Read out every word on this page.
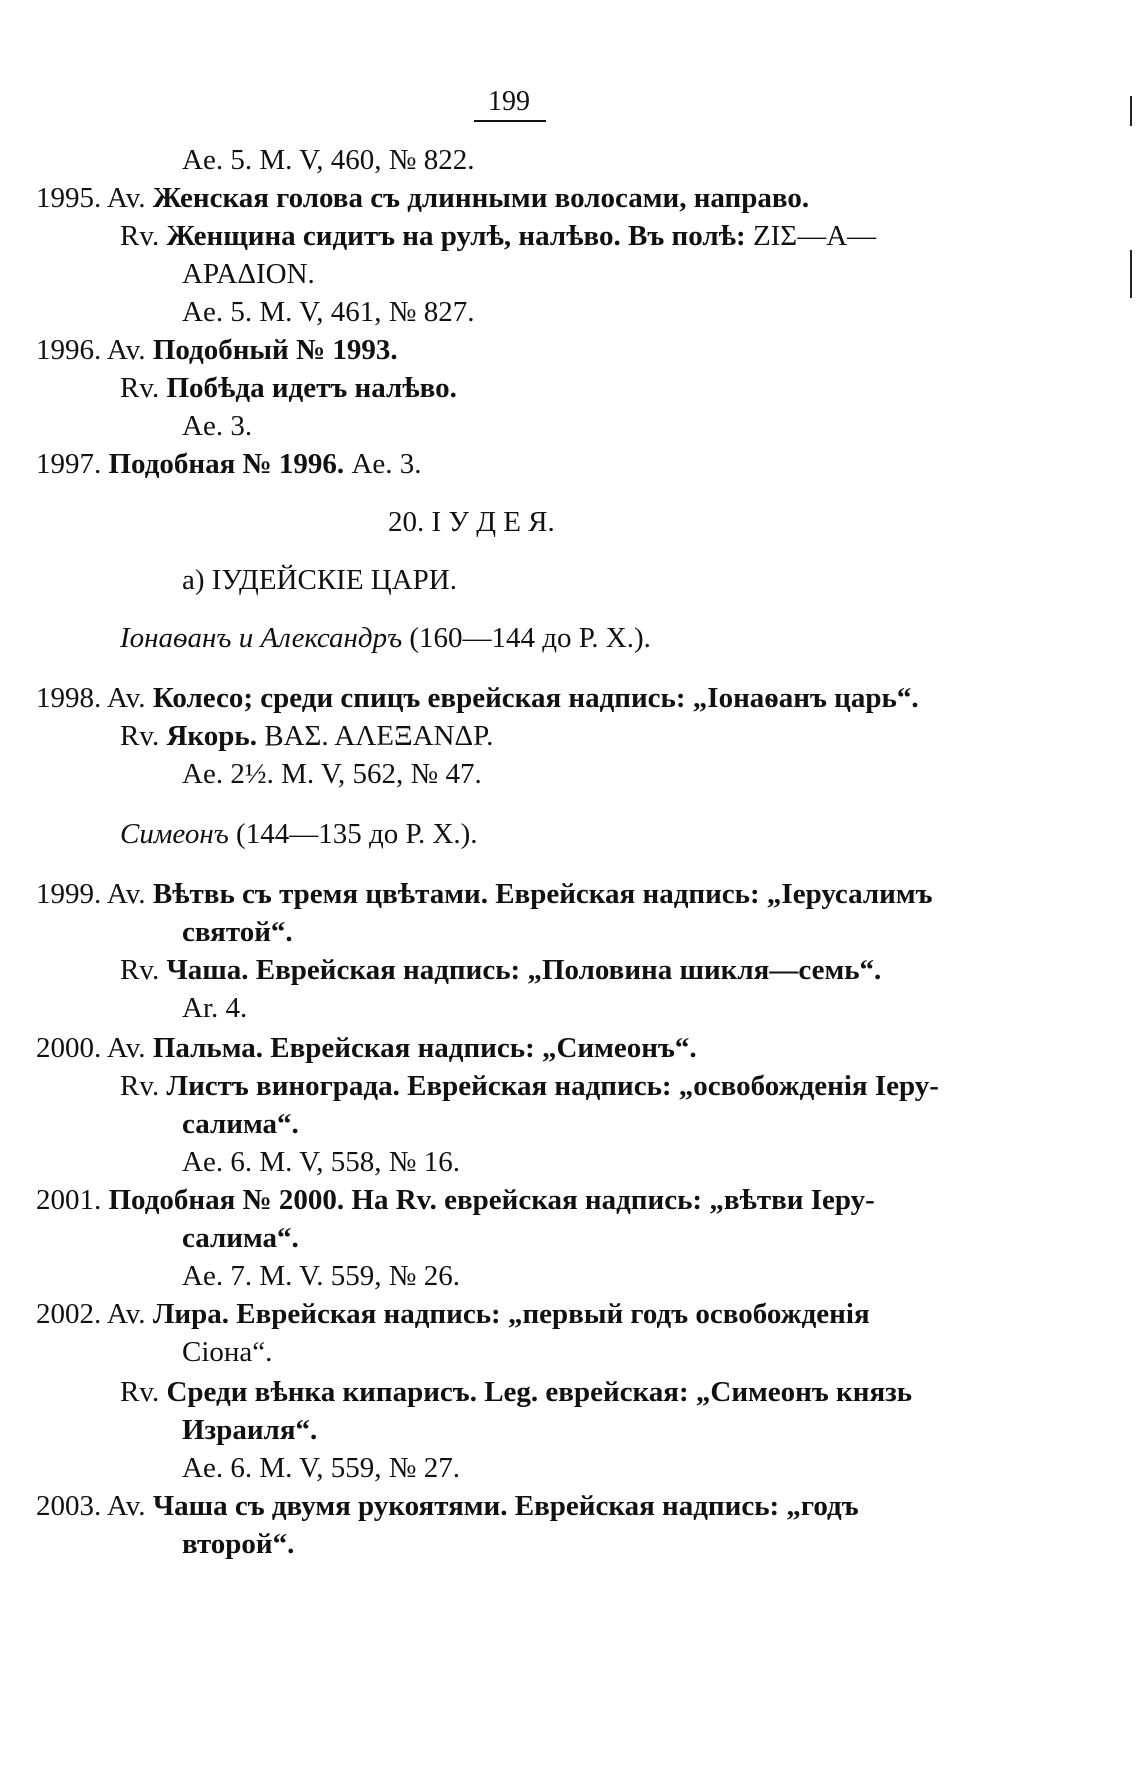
199
Ae. 5. M. V, 460, № 822.
1995. Av. Женская голова съ длинными волосами, направо.
Rv. Женщина сидитъ на рулѣ, налѣво. Въ полѣ: ZIΣ—A—
APAΔION.
Ae. 5. M. V, 461, № 827.
1996. Av. Подобный № 1993.
Rv. Побѣда идетъ налѣво.
Ae. 3.
1997. Подобная № 1996. Ae. 3.
20. I У Д Е Я.
а) IУДЕЙСКIЕ ЦАРИ.
Iонаѳанъ и Александръ (160—144 до Р. Х.).
1998. Av. Колесо; среди спицъ еврейская надпись: „Iонаѳанъ царь“.
Rv. Якорь. ΒΑΣ. ΑΛΕΞΑΝΔΡ.
Ae. 2½. M. V, 562, № 47.
Симеонъ (144—135 до Р. Х.).
1999. Av. Вѣтвь съ тремя цвѣтами. Еврейская надпись: „Iерусалимъ
святой“.
Rv. Чаша. Еврейская надпись: „Половина шикля—семь“.
Ar. 4.
2000. Av. Пальма. Еврейская надпись: „Симеонъ“.
Rv. Листъ винограда. Еврейская надпись: „освобожденiя Iеру-
салима“.
Ae. 6. M. V, 558, № 16.
2001. Подобная № 2000. На Rv. еврейская надпись: „вѣтви Iеру-
салима“.
Ae. 7. M. V. 559, № 26.
2002. Av. Лира. Еврейская надпись: „первый годъ освобожденiя
Сiона“.
Rv. Среди вѣнка кипарисъ. Leg. еврейская: „Симеонъ князь
Израиля“.
Ae. 6. M. V, 559, № 27.
2003. Av. Чаша съ двумя рукоятями. Еврейская надпись: „годъ
второй“.
